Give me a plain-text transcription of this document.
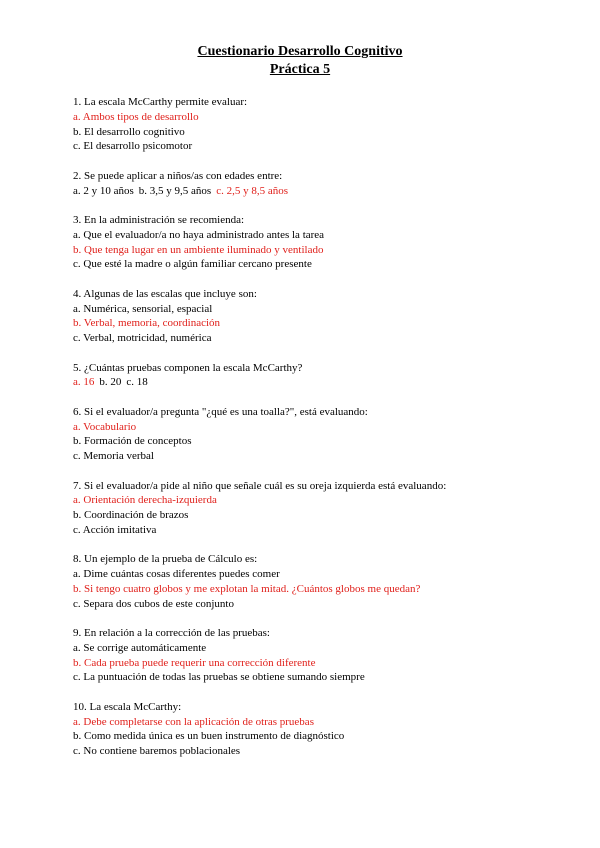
Cuestionario Desarrollo Cognitivo
Práctica 5
1. La escala McCarthy permite evaluar:
a. Ambos tipos de desarrollo
b. El desarrollo cognitivo
c. El desarrollo psicomotor
2. Se puede aplicar a niños/as con edades entre:
a. 2 y 10 años b. 3,5 y 9,5 años c. 2,5 y 8,5 años
3. En la administración se recomienda:
a. Que el evaluador/a no haya administrado antes la tarea
b. Que tenga lugar en un ambiente iluminado y ventilado
c. Que esté la madre o algún familiar cercano presente
4. Algunas de las escalas que incluye son:
a. Numérica, sensorial, espacial
b. Verbal, memoria, coordinación
c. Verbal, motricidad, numérica
5. ¿Cuántas pruebas componen la escala McCarthy?
a. 16 b. 20 c. 18
6. Si el evaluador/a pregunta "¿qué es una toalla?", está evaluando:
a. Vocabulario
b. Formación de conceptos
c. Memoria verbal
7. Si el evaluador/a pide al niño que señale cuál es su oreja izquierda está evaluando:
a. Orientación derecha-izquierda
b. Coordinación de brazos
c. Acción imitativa
8. Un ejemplo de la prueba de Cálculo es:
a. Dime cuántas cosas diferentes puedes comer
b. Si tengo cuatro globos y me explotan la mitad. ¿Cuántos globos me quedan?
c. Separa dos cubos de este conjunto
9. En relación a la corrección de las pruebas:
a. Se corrige automáticamente
b. Cada prueba puede requerir una corrección diferente
c. La puntuación de todas las pruebas se obtiene sumando siempre
10. La escala McCarthy:
a. Debe completarse con la aplicación de otras pruebas
b. Como medida única es un buen instrumento de diagnóstico
c. No contiene baremos poblacionales
